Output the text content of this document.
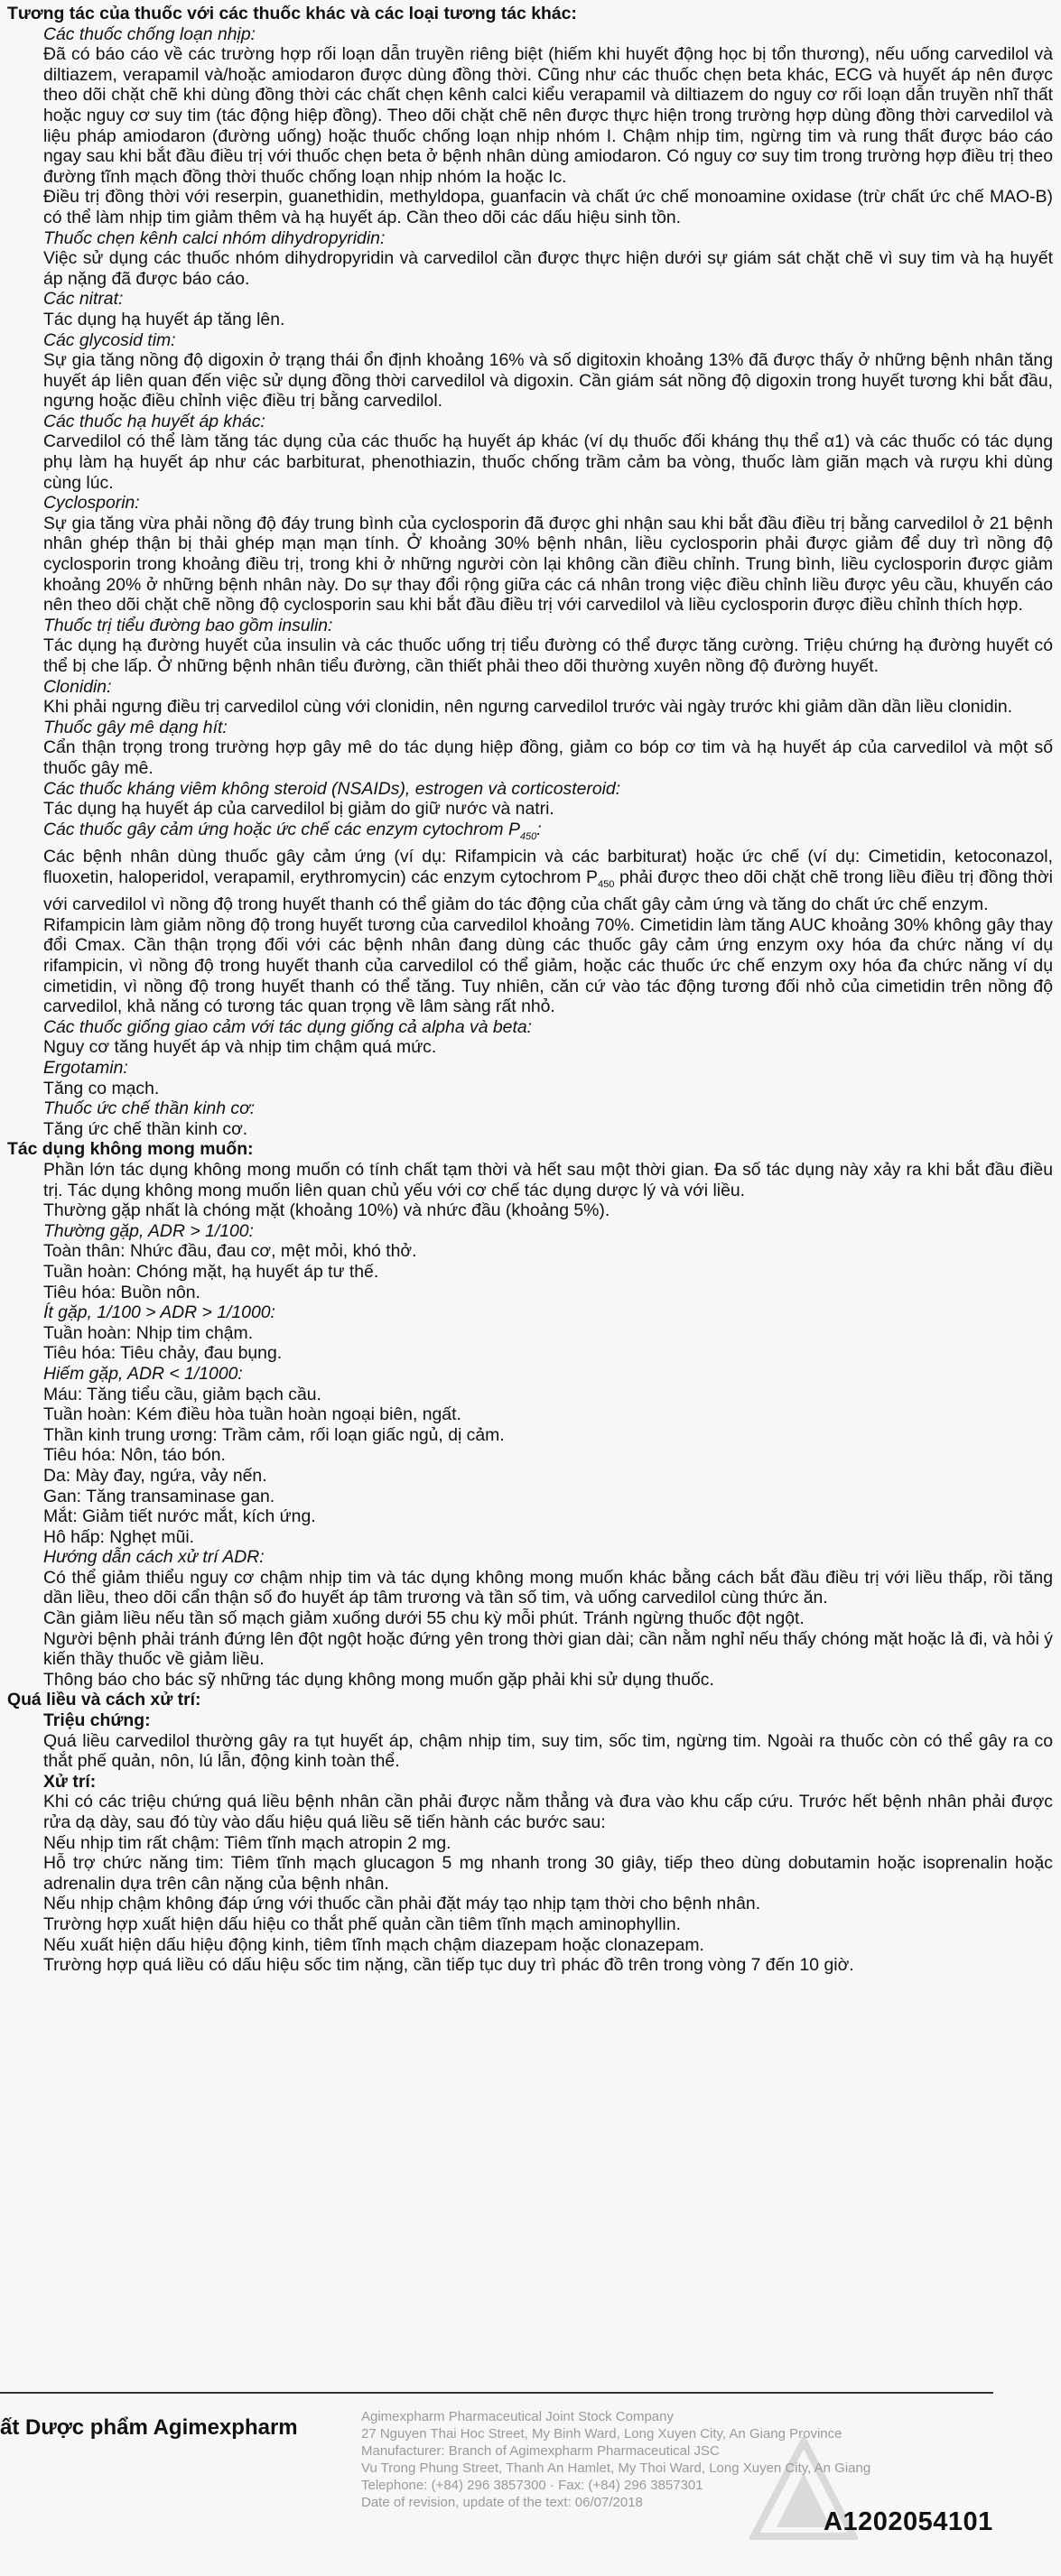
Agimexpharm Pharmaceutical Joint Stock Company
27 Nguyen Thai Hoc Street, My Binh Ward, Long Xuyen City, An Giang Province
Manufacturer: Branch of Agimexpharm Pharmaceutical JSC
Vu Trong Phung Street, Thanh An Hamlet, My Thoi Ward, Long Xuyen City, An Giang
Telephone: (+84) 296 3857300 · Fax: (+84) 296 3857301
Date of revision, update of the text: 06/07/2018

Tương tác của thuốc với các thuốc khác và các loại tương tác khác:

Các thuốc chống loạn nhịp:

Đã có báo cáo về các trường hợp rối loạn dẫn truyền riêng biệt (hiếm khi huyết động học bị tổn thương), nếu uống carvedilol và diltiazem, verapamil và/hoặc amiodaron được dùng đồng thời. Cũng như các thuốc chẹn beta khác, ECG và huyết áp nên được theo dõi chặt chẽ khi dùng đồng thời các chất chẹn kênh calci kiểu verapamil và diltiazem do nguy cơ rối loạn dẫn truyền nhĩ thất hoặc nguy cơ suy tim (tác động hiệp đồng). Theo dõi chặt chẽ nên được thực hiện trong trường hợp dùng đồng thời carvedilol và liệu pháp amiodaron (đường uống) hoặc thuốc chống loạn nhịp nhóm I. Chậm nhịp tim, ngừng tim và rung thất được báo cáo ngay sau khi bắt đầu điều trị với thuốc chẹn beta ở bệnh nhân dùng amiodaron. Có nguy cơ suy tim trong trường hợp điều trị theo đường tĩnh mạch đồng thời thuốc chống loạn nhịp nhóm Ia hoặc Ic.

Điều trị đồng thời với reserpin, guanethidin, methyldopa, guanfacin và chất ức chế monoamine oxidase (trừ chất ức chế MAO-B) có thể làm nhịp tim giảm thêm và hạ huyết áp. Cần theo dõi các dấu hiệu sinh tồn.

Thuốc chẹn kênh calci nhóm dihydropyridin:

Việc sử dụng các thuốc nhóm dihydropyridin và carvedilol cần được thực hiện dưới sự giám sát chặt chẽ vì suy tim và hạ huyết áp nặng đã được báo cáo.

Các nitrat:

Tác dụng hạ huyết áp tăng lên.

Các glycosid tim:

Sự gia tăng nồng độ digoxin ở trạng thái ổn định khoảng 16% và số digitoxin khoảng 13% đã được thấy ở những bệnh nhân tăng huyết áp liên quan đến việc sử dụng đồng thời carvedilol và digoxin. Cần giám sát nồng độ digoxin trong huyết tương khi bắt đầu, ngưng hoặc điều chỉnh việc điều trị bằng carvedilol.

Các thuốc hạ huyết áp khác:

Carvedilol có thể làm tăng tác dụng của các thuốc hạ huyết áp khác (ví dụ thuốc đối kháng thụ thể α1) và các thuốc có tác dụng phụ làm hạ huyết áp như các barbiturat, phenothiazin, thuốc chống trầm cảm ba vòng, thuốc làm giãn mạch và rượu khi dùng cùng lúc.

Cyclosporin:

Sự gia tăng vừa phải nồng độ đáy trung bình của cyclosporin đã được ghi nhận sau khi bắt đầu điều trị bằng carvedilol ở 21 bệnh nhân ghép thận bị thải ghép mạn mạn tính. Ở khoảng 30% bệnh nhân, liều cyclosporin phải được giảm để duy trì nồng độ cyclosporin trong khoảng điều trị, trong khi ở những người còn lại không cần điều chỉnh. Trung bình, liều cyclosporin được giảm khoảng 20% ở những bệnh nhân này. Do sự thay đổi rộng giữa các cá nhân trong việc điều chỉnh liều được yêu cầu, khuyến cáo nên theo dõi chặt chẽ nồng độ cyclosporin sau khi bắt đầu điều trị với carvedilol và liều cyclosporin được điều chỉnh thích hợp.

Thuốc trị tiểu đường bao gồm insulin:

Tác dụng hạ đường huyết của insulin và các thuốc uống trị tiểu đường có thể được tăng cường. Triệu chứng hạ đường huyết có thể bị che lấp. Ở những bệnh nhân tiểu đường, cần thiết phải theo dõi thường xuyên nồng độ đường huyết.

Clonidin:

Khi phải ngưng điều trị carvedilol cùng với clonidin, nên ngưng carvedilol trước vài ngày trước khi giảm dần dần liều clonidin.

Thuốc gây mê dạng hít:

Cẩn thận trọng trong trường hợp gây mê do tác dụng hiệp đồng, giảm co bóp cơ tim và hạ huyết áp của carvedilol và một số thuốc gây mê.

Các thuốc kháng viêm không steroid (NSAIDs), estrogen và corticosteroid:

Tác dụng hạ huyết áp của carvedilol bị giảm do giữ nước và natri.

Các thuốc gây cảm ứng hoặc ức chế các enzym cytochrom $P_{450}$:

Các bệnh nhân dùng thuốc gây cảm ứng (ví dụ: Rifampicin và các barbiturat) hoặc ức chế (ví dụ: Cimetidin, ketoconazol, fluoxetin, haloperidol, verapamil, erythromycin) các enzym cytochrom $P_{450}$ phải được theo dõi chặt chẽ trong liều điều trị đồng thời với carvedilol vì nồng độ trong huyết thanh có thể giảm do tác động của chất gây cảm ứng và tăng do chất ức chế enzym.

Rifampicin làm giảm nồng độ trong huyết tương của carvedilol khoảng 70%. Cimetidin làm tăng AUC khoảng 30% không gây thay đổi Cmax. Cần thận trọng đối với các bệnh nhân đang dùng các thuốc gây cảm ứng enzym oxy hóa đa chức năng ví dụ rifampicin, vì nồng độ trong huyết thanh của carvedilol có thể giảm, hoặc các thuốc ức chế enzym oxy hóa đa chức năng ví dụ cimetidin, vì nồng độ trong huyết thanh có thể tăng. Tuy nhiên, căn cứ vào tác động tương đối nhỏ của cimetidin trên nồng độ carvedilol, khả năng có tương tác quan trọng về lâm sàng rất nhỏ.

Các thuốc giống giao cảm với tác dụng giống cả alpha và beta:

Nguy cơ tăng huyết áp và nhịp tim chậm quá mức.

Ergotamin:

Tăng co mạch.

Thuốc ức chế thần kinh cơ:

Tăng ức chế thần kinh cơ.

Tác dụng không mong muốn:

Phần lớn tác dụng không mong muốn có tính chất tạm thời và hết sau một thời gian. Đa số tác dụng này xảy ra khi bắt đầu điều trị. Tác dụng không mong muốn liên quan chủ yếu với cơ chế tác dụng dược lý và với liều.

Thường gặp nhất là chóng mặt (khoảng 10%) và nhức đầu (khoảng 5%).

Thường gặp, ADR > 1/100:

Toàn thân: Nhức đầu, đau cơ, mệt mỏi, khó thở.

Tuần hoàn: Chóng mặt, hạ huyết áp tư thế.

Tiêu hóa: Buồn nôn.

Ít gặp, 1/100 > ADR > 1/1000:

Tuần hoàn: Nhịp tim chậm.

Tiêu hóa: Tiêu chảy, đau bụng.

Hiếm gặp, ADR < 1/1000:

Máu: Tăng tiểu cầu, giảm bạch cầu.

Tuần hoàn: Kém điều hòa tuần hoàn ngoại biên, ngất.

Thần kinh trung ương: Trầm cảm, rối loạn giấc ngủ, dị cảm.

Tiêu hóa: Nôn, táo bón.

Da: Mày đay, ngứa, vảy nến.

Gan: Tăng transaminase gan.

Mắt: Giảm tiết nước mắt, kích ứng.

Hô hấp: Nghẹt mũi.

Hướng dẫn cách xử trí ADR:

Có thể giảm thiểu nguy cơ chậm nhịp tim và tác dụng không mong muốn khác bằng cách bắt đầu điều trị với liều thấp, rồi tăng dần liều, theo dõi cẩn thận số đo huyết áp tâm trương và tần số tim, và uống carvedilol cùng thức ăn.

Cần giảm liều nếu tần số mạch giảm xuống dưới 55 chu kỳ mỗi phút. Tránh ngừng thuốc đột ngột.

Người bệnh phải tránh đứng lên đột ngột hoặc đứng yên trong thời gian dài; cần nằm nghỉ nếu thấy chóng mặt hoặc lả đi, và hỏi ý kiến thầy thuốc về giảm liều.

Thông báo cho bác sỹ những tác dụng không mong muốn gặp phải khi sử dụng thuốc.

Quá liều và cách xử trí:

Triệu chứng:

Quá liều carvedilol thường gây ra tụt huyết áp, chậm nhịp tim, suy tim, sốc tim, ngừng tim. Ngoài ra thuốc còn có thể gây ra co thắt phế quản, nôn, lú lẫn, động kinh toàn thể.

Xử trí:

Khi có các triệu chứng quá liều bệnh nhân cần phải được nằm thẳng và đưa vào khu cấp cứu. Trước hết bệnh nhân phải được rửa dạ dày, sau đó tùy vào dấu hiệu quá liều sẽ tiến hành các bước sau:

Nếu nhịp tim rất chậm: Tiêm tĩnh mạch atropin 2 mg.

Hỗ trợ chức năng tim: Tiêm tĩnh mạch glucagon 5 mg nhanh trong 30 giây, tiếp theo dùng dobutamin hoặc isoprenalin hoặc adrenalin dựa trên cân nặng của bệnh nhân.

Nếu nhịp chậm không đáp ứng với thuốc cần phải đặt máy tạo nhịp tạm thời cho bệnh nhân.

Trường hợp xuất hiện dấu hiệu co thắt phế quản cần tiêm tĩnh mạch aminophyllin.

Nếu xuất hiện dấu hiệu động kinh, tiêm tĩnh mạch chậm diazepam hoặc clonazepam.

Trường hợp quá liều có dấu hiệu sốc tim nặng, cần tiếp tục duy trì phác đồ trên trong vòng 7 đến 10 giờ.

ất Dược phẩm Agimexpharm
A1202054101
